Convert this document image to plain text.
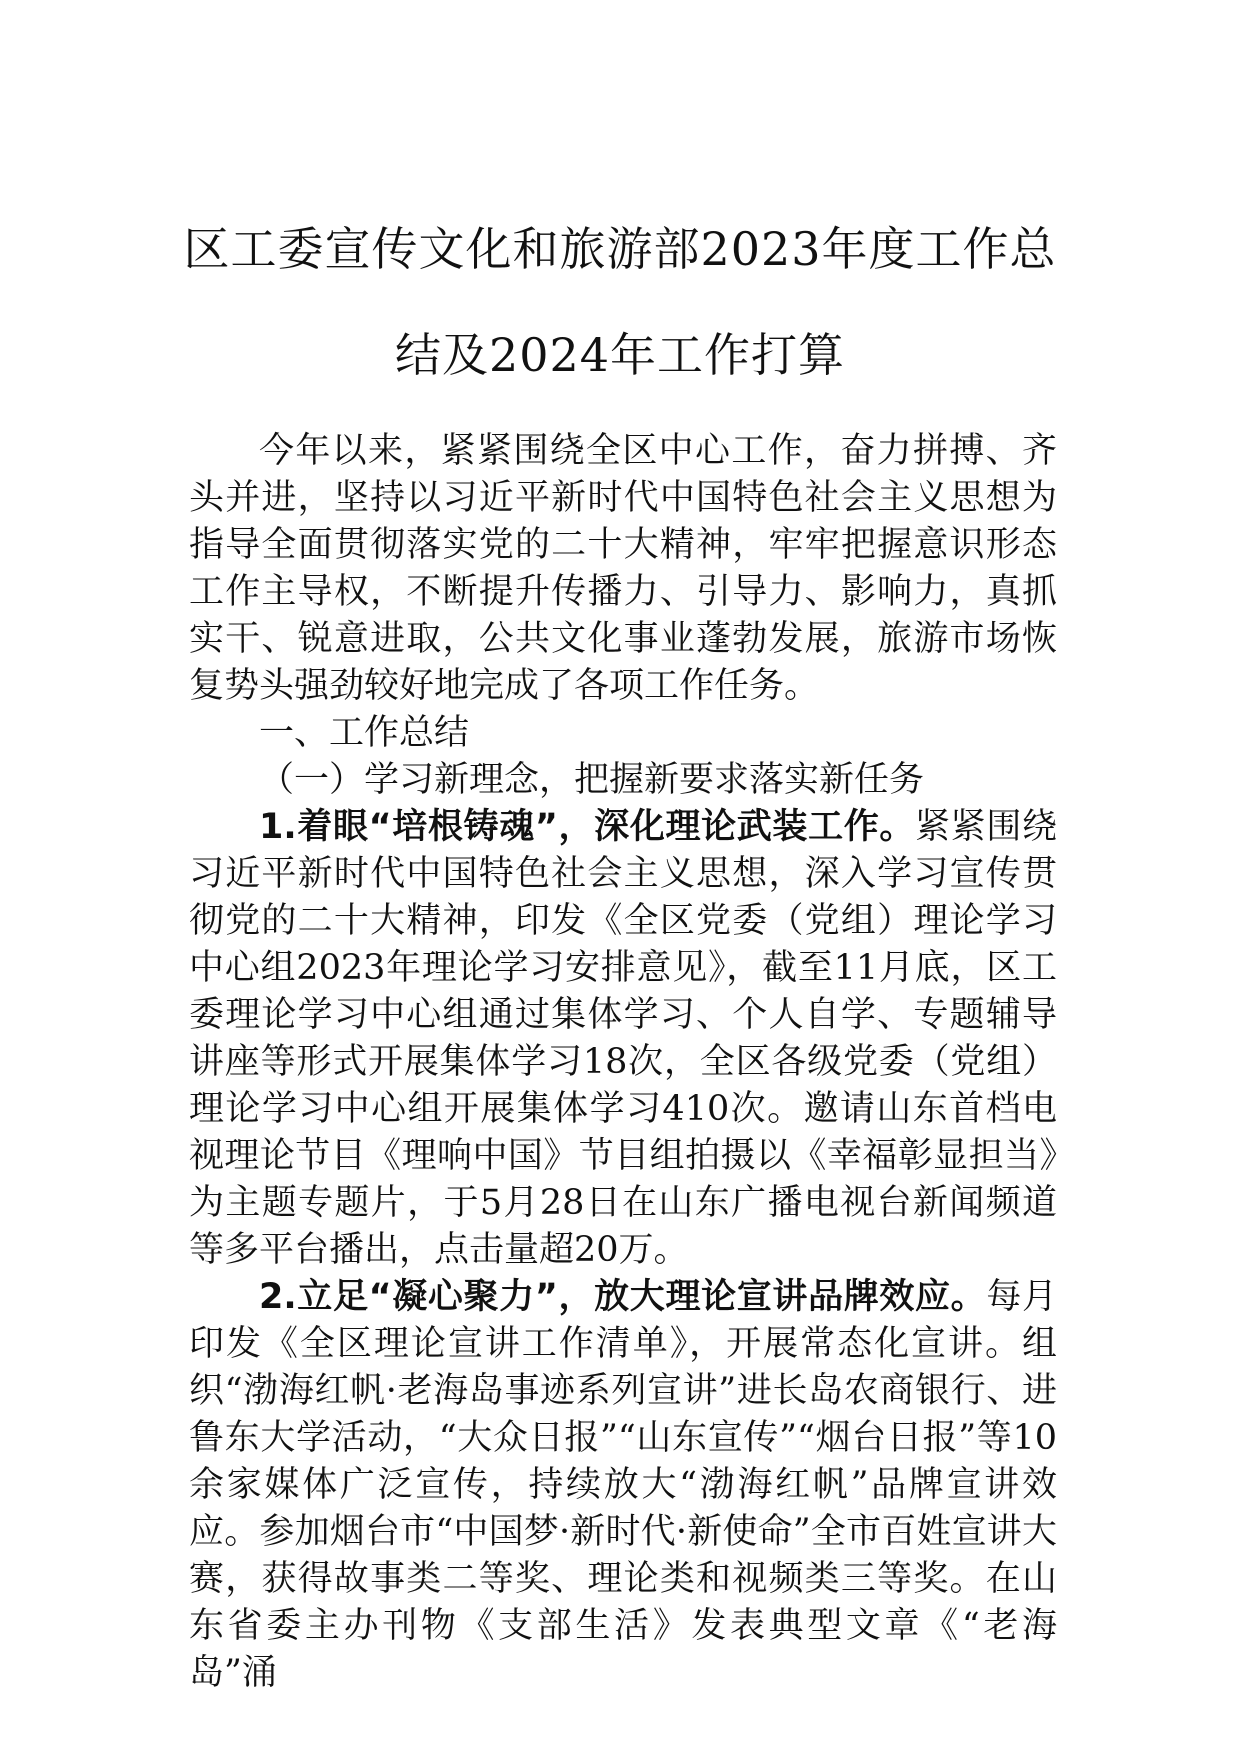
区工委宣传文化和旅游部2023年度工作总
结及2024年工作打算

今年以来，紧紧围绕全区中心工作，奋力拼搏、齐头并进，坚持以习近平新时代中国特色社会主义思想为指导全面贯彻落实党的二十大精神，牢牢把握意识形态工作主导权，不断提升传播力、引导力、影响力，真抓实干、锐意进取，公共文化事业蓬勃发展，旅游市场恢复势头强劲较好地完成了各项工作任务。

一、工作总结

（一）学习新理念，把握新要求落实新任务

1.着眼“培根铸魂”，深化理论武装工作。紧紧围绕习近平新时代中国特色社会主义思想，深入学习宣传贯彻党的二十大精神，印发《全区党委（党组）理论学习中心组2023年理论学习安排意见》，截至11月底，区工委理论学习中心组通过集体学习、个人自学、专题辅导讲座等形式开展集体学习18次，全区各级党委（党组）理论学习中心组开展集体学习410次。邀请山东首档电视理论节目《理响中国》节目组拍摄以《幸福彰显担当》为主题专题片，于5月28日在山东广播电视台新闻频道等多平台播出，点击量超20万。

2.立足“凝心聚力”，放大理论宣讲品牌效应。每月印发《全区理论宣讲工作清单》，开展常态化宣讲。组织“渤海红帆·老海岛事迹系列宣讲”进长岛农商银行、进鲁东大学活动，“大众日报”“山东宣传”“烟台日报”等10余家媒体广泛宣传，持续放大“渤海红帆”品牌宣讲效应。参加烟台市“中国梦·新时代·新使命”全市百姓宣讲大赛，获得故事类二等奖、理论类和视频类三等奖。在山东省委主办刊物《支部生活》发表典型文章《“老海岛”涌
